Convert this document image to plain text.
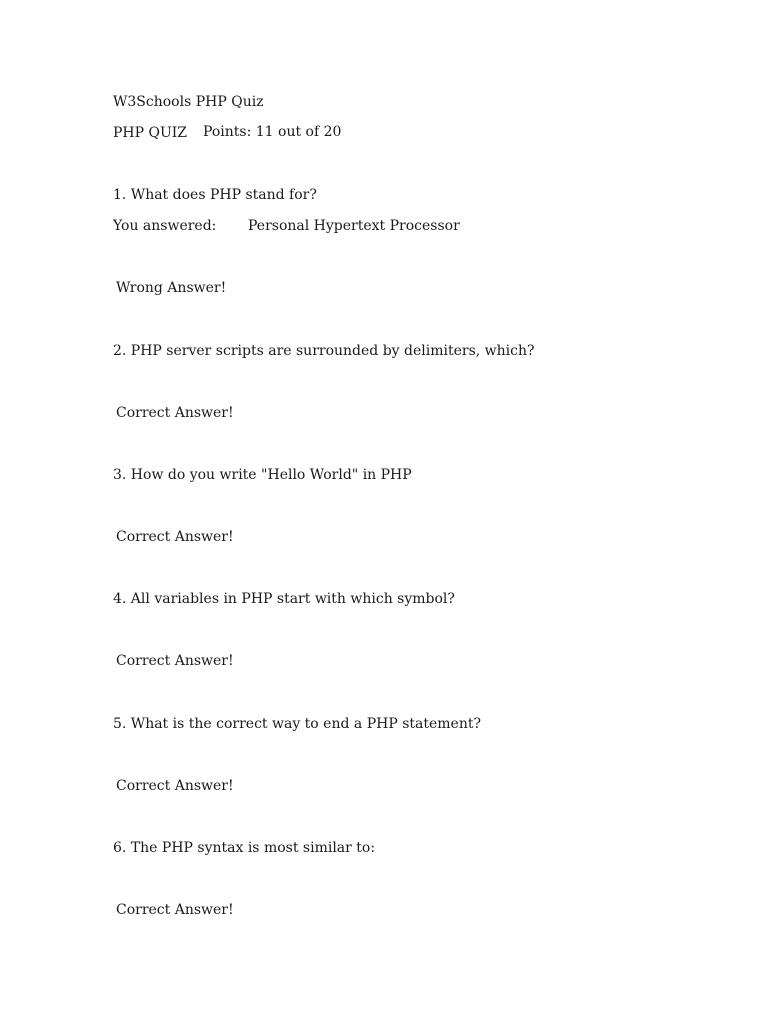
W3Schools PHP Quiz
PHP QUIZ	Points: 11 out of 20
1. What does PHP stand for?
You answered: Personal Hypertext Processor
Wrong Answer!
2. PHP server scripts are surrounded by delimiters, which?
Correct Answer!
3. How do you write "Hello World" in PHP
Correct Answer!
4. All variables in PHP start with which symbol?
Correct Answer!
5. What is the correct way to end a PHP statement?
Correct Answer!
6. The PHP syntax is most similar to:
Correct Answer!
